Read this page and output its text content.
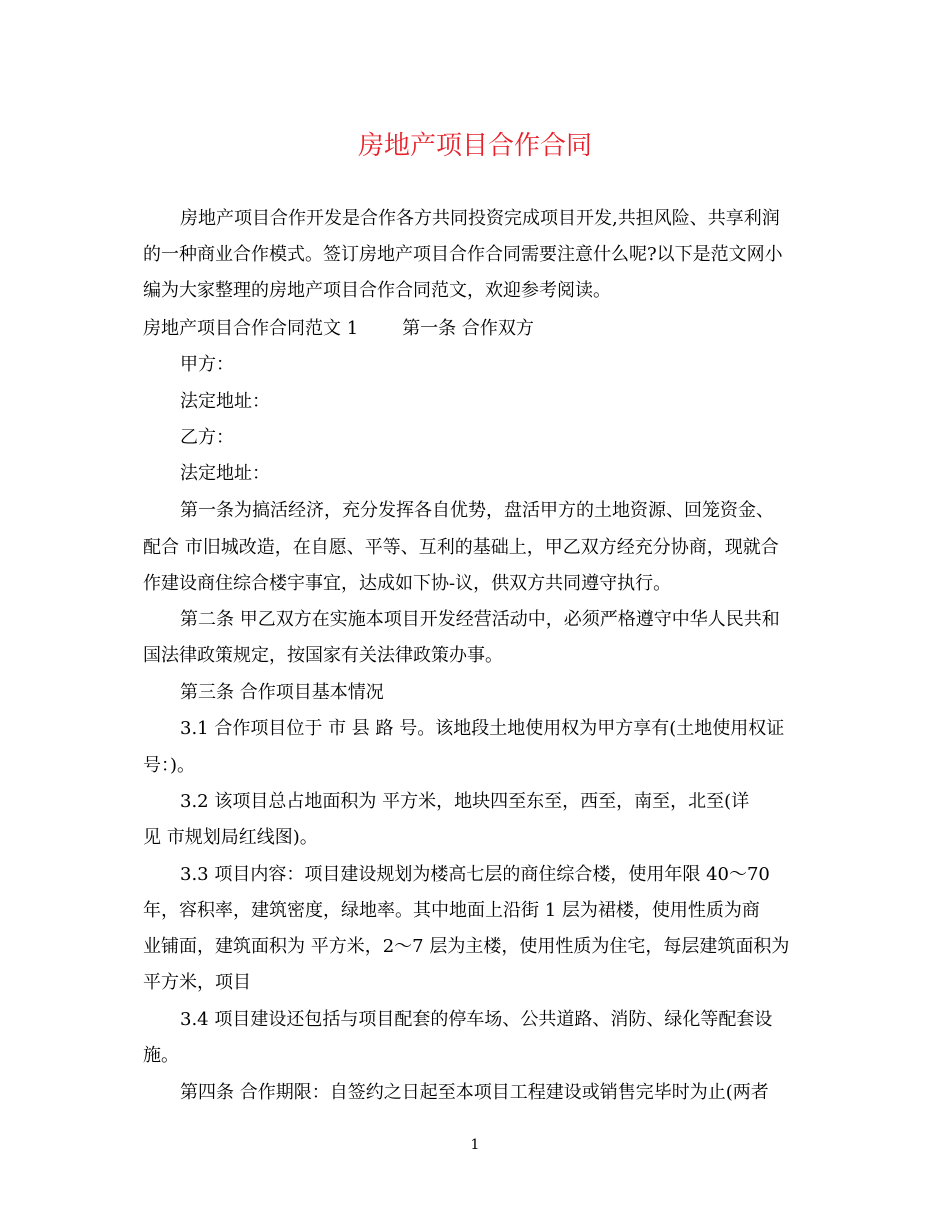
房地产项目合作合同
房地产项目合作开发是合作各方共同投资完成项目开发,共担风险、共享利润
的一种商业合作模式。签订房地产项目合作合同需要注意什么呢?以下是范文网小
编为大家整理的房地产项目合作合同范文，欢迎参考阅读。
房地产项目合作合同范文 1 第一条 合作双方
甲方：
法定地址：
乙方：
法定地址：
第一条为搞活经济，充分发挥各自优势，盘活甲方的土地资源、回笼资金、
配合 市旧城改造，在自愿、平等、互利的基础上，甲乙双方经充分协商，现就合
作建设商住综合楼宇事宜，达成如下协-议，供双方共同遵守执行。
第二条 甲乙双方在实施本项目开发经营活动中，必须严格遵守中华人民共和
国法律政策规定，按国家有关法律政策办事。
第三条 合作项目基本情况
3.1 合作项目位于 市 县 路 号。该地段土地使用权为甲方享有(土地使用权证
号：)。
3.2 该项目总占地面积为 平方米，地块四至东至，西至，南至，北至(详
见 市规划局红线图)。
3.3 项目内容：项目建设规划为楼高七层的商住综合楼，使用年限 40～70
年，容积率，建筑密度，绿地率。其中地面上沿街 1 层为裙楼，使用性质为商
业铺面，建筑面积为 平方米，2～7 层为主楼，使用性质为住宅，每层建筑面积为
平方米，项目
3.4 项目建设还包括与项目配套的停车场、公共道路、消防、绿化等配套设
施。
第四条 合作期限：自签约之日起至本项目工程建设或销售完毕时为止(两者
1
